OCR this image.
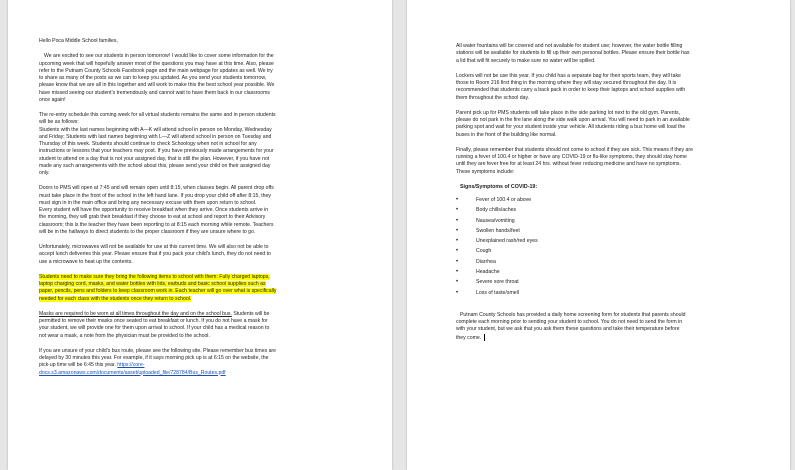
Hello Poca Middle School families,

We are excited to see our students in person tomorrow! I would like to cover some information for the
upcoming week that will hopefully answer most of the questions you may have at this time. Also, please
refer to the Putnam County Schools Facebook page and the main webpage for updates as well. We try
to share as many of the posts as we can to keep you updated. As you send your students tomorrow,
please know that we are all in this together and will work to make this the best school year possible. We
have missed seeing our student's tremendously and cannot wait to have them back in our classrooms
once again!

The re-entry schedule this coming week for all virtual students remains the same and in person students
will be as follows:
Students with the last names beginning with A—K will attend school in person on Monday, Wednesday
and Friday; Students with last names beginning with L—Z will attend school in person on Tuesday and
Thursday of this week. Students should continue to check Schoology when not in school for any
instructions or lessons that your teachers may post. If you have previously made arrangements for your
student to attend on a day that is not your assigned day, that is still the plan. However, if you have not
made any such arrangements with the school about this, please send your child on their assigned day
only.

Doors to PMS will open at 7:45 and will remain open until 8:15, when classes begin. All parent drop offs
must take place in the front of the school in the left hand lane. If you drop your child off after 8:15, they
must sign in in the main office and bring any necessary excuse with them upon return to school.
Every student will have the opportunity to receive breakfast when they arrive. Once students arrive in
the morning, they will grab their breakfast if they choose to eat at school and report to their Advisory
classroom; this is the teacher they have been reporting to at 8:15 each morning while remote. Teachers
will be in the hallways to direct students to the proper classroom if they are unsure where to go.

Unfortunately, microwaves will not be available for use at this current time. We will also not be able to
accept lunch deliveries this year. Please ensure that if you pack your child's lunch, they do not need to
use a microwave to heat up the contents.

Students need to make sure they bring the following items to school with them: Fully charged laptops,
laptop charging cord, masks, and water bottles with lids, earbuds and basic school supplies such as
paper, pencils, pens and folders to keep classroom work in. Each teacher will go over what is specifically
needed for each class with the students once they return to school.

Masks are required to be worn at all times throughout the day and on the school bus. Students will be
permitted to remove their masks once seated to eat breakfast or lunch. If you do not have a mask for
your student, we will provide one for them upon arrival to school. If your child has a medical reason to
not wear a mask, a note from the physician must be provided to the school.

If you are unsure of your child's bus route, please see the following site. Please remember bus times are
delayed by 30 minutes this year. For example, if it says morning pick up is at 6:15 on the website, the
pick-up time will be 6:45 this year. https://core-
docs.s3.amazonaws.com/documents/asset/uploaded_file/728784/Bus_Routes.pdf

All water fountains will be covered and not available for student use; however, the water bottle filling
stations will be available for students to fill up their own personal bottles. Please ensure their bottle has
a lid that will fit securely to make sure no water will be spilled.

Lockers will not be use this year. If you child has a separate bag for their sports team, they will take
those to Room 216 first thing in the morning where they will stay secured throughout the day. It is
recommended that students carry a back pack in order to keep their laptops and school supplies with
them throughout the school day.

Parent pick up for PMS students will take place in the side parking lot next to the old gym. Parents,
please do not park in the fire lane along the side walk upon arrival. You will need to park in an available
parking spot and wait for your student inside your vehicle. All students riding a bus home will load the
buses in the front of the building like normal.

Finally, please remember that students should not come to school if they are sick. This means if they are
running a fever of 100.4 or higher or have any COVID-19 or flu-like symptoms, they should stay home
until they are fever free for at least 24 hrs. without fever reducing medicine and have no symptoms.
These symptoms include:

Signs/Symptoms of COVID-19:
• Fever of 100.4 or above
• Body chills/aches
• Nausea/vomiting
• Swollen hands/feet
• Unexplained rash/red eyes
• Cough
• Diarrhea
• Headache
• Severe sore throat
• Loss of taste/smell

Putnam County Schools has provided a daily home screening form for students that parents should
complete each morning prior to sending your student to school. You do not need to send the form in
with your student, but we ask that you ask them these questions and take their temperature before
they come.
